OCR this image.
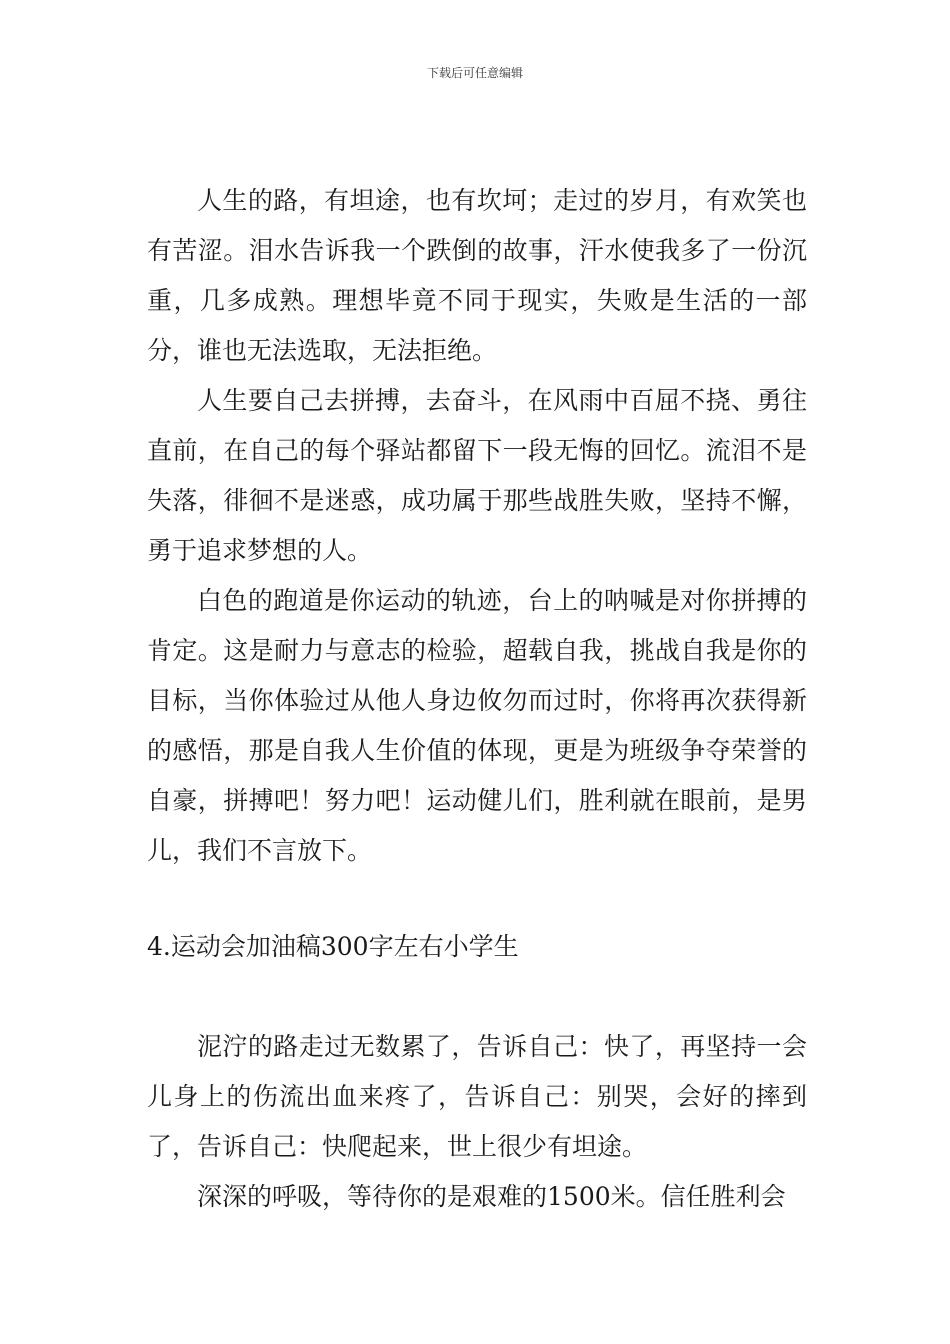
下载后可任意编辑

人生的路，有坦途，也有坎坷；走过的岁月，有欢笑也有苦涩。泪水告诉我一个跌倒的故事，汗水使我多了一份沉重，几多成熟。理想毕竟不同于现实，失败是生活的一部分，谁也无法选取，无法拒绝。

人生要自己去拼搏，去奋斗，在风雨中百屈不挠、勇往直前，在自己的每个驿站都留下一段无悔的回忆。流泪不是失落，徘徊不是迷惑，成功属于那些战胜失败，坚持不懈，勇于追求梦想的人。

白色的跑道是你运动的轨迹，台上的呐喊是对你拼搏的肯定。这是耐力与意志的检验，超载自我，挑战自我是你的目标，当你体验过从他人身边攸勿而过时，你将再次获得新的感悟，那是自我人生价值的体现，更是为班级争夺荣誉的自豪，拼搏吧！努力吧！运动健儿们，胜利就在眼前，是男儿，我们不言放下。

4.运动会加油稿300字左右小学生

泥泞的路走过无数累了，告诉自己：快了，再坚持一会儿身上的伤流出血来疼了，告诉自己：别哭，会好的摔到了，告诉自己：快爬起来，世上很少有坦途。

深深的呼吸，等待你的是艰难的1500米。信任胜利会
